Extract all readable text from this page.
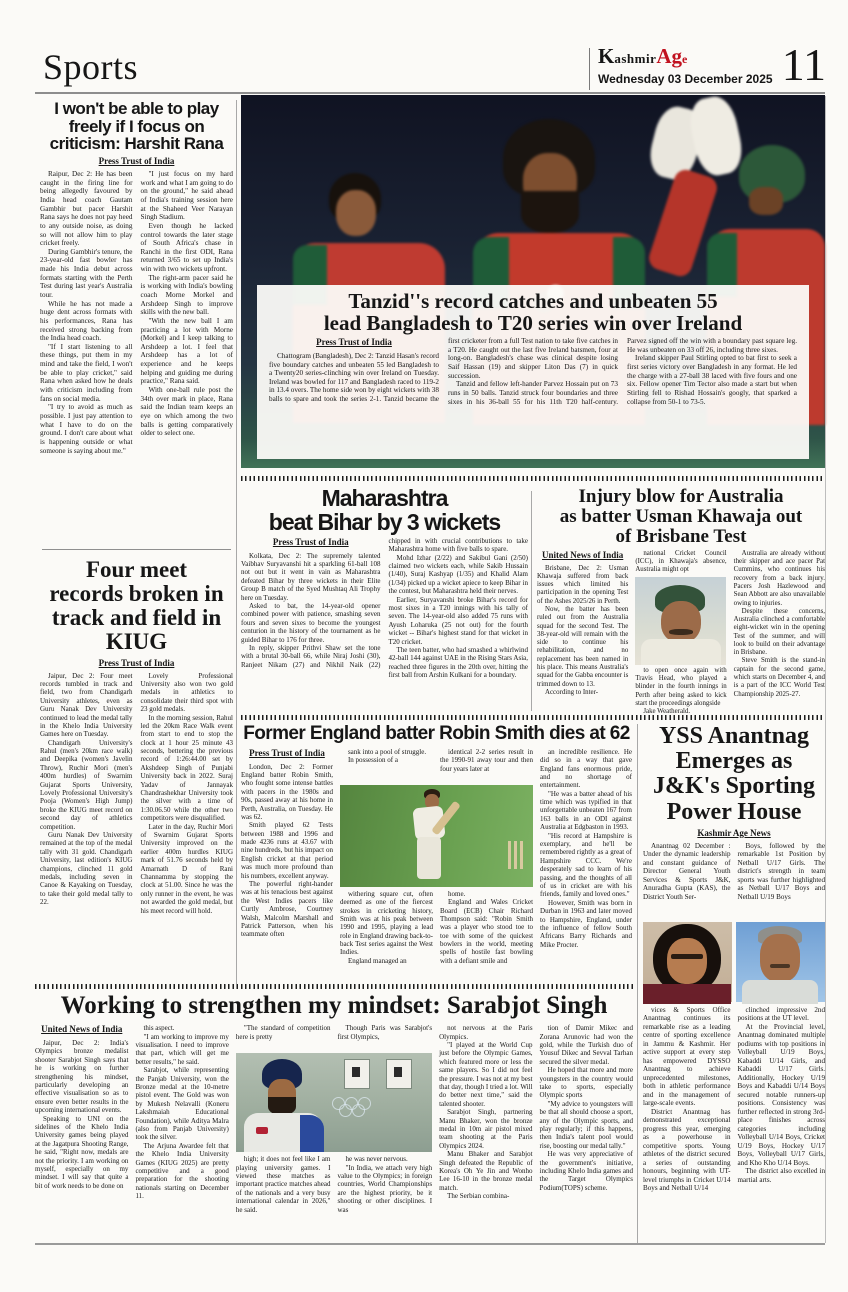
Sports	KashmirAge
Wednesday 03 December 2025 11
I won't be able to play
freely if I focus on
criticism: Harshit Rana
Press Trust of India

Raipur, Dec 2: He has been caught in the firing line for being allegedly favoured by India head coach Gautam Gambhir but pacer Harshit Rana says he does not pay heed to any outside noise, as doing so will not allow him to play cricket freely.

During Gambhir's tenure, the 23-year-old fast bowler has made his India debut across formats starting with the Perth Test during last year's Australia tour.

While he has not made a huge dent across formats with his performances, Rana has received strong backing from the India head coach.

"If I start listening to all these things, put them in my mind and take the field, I won't be able to play cricket," said Rana when asked how he deals with criticism including from fans on social media.

"I try to avoid as much as possible. I just pay attention to what I have to do on the ground. I don't care about what is happening outside or what someone is saying about me."

"I just focus on my hard work and what I am going to do on the ground," he said ahead of India's training session here at the Shaheed Veer Narayan Singh Stadium.

Even though he lacked control towards the later stage of South Africa's chase in Ranchi in the first ODI, Rana returned 3/65 to set up India's win with two wickets upfront.

The right-arm pacer said he is working with India's bowling coach Morne Morkel and Arshdeep Singh to improve skills with the new ball.

"With the new ball I am practicing a lot with Morne (Morkel) and I keep talking to Arshdeep a lot. I feel that Arshdeep has a lot of experience and he keeps helping and guiding me during practice," Rana said.

With one-ball rule post the 34th over mark in place, Rana said the Indian team keeps an eye on which among the two balls is getting comparatively older to select one.

Four meet
records broken in
track and field in
KIUG
Press Trust of India

Jaipur, Dec 2: Four meet records tumbled in track and field, two from Chandigarh University athletes, even as Guru Nanak Dev University continued to lead the medal tally in the Khelo India University Games here on Tuesday.

Chandigarh University's Rahul (men's 20km race walk) and Deepika (women's Javelin Throw), Ruchir Mori (men's 400m hurdles) of Swarnim Gujarat Sports University, Lovely Professional University's Pooja (Women's High Jump) broke the KIUG meet record on second day of athletics competition.

Guru Nanak Dev University remained at the top of the medal tally with 31 gold. Chandigarh University, last edition's KIUG champions, clinched 11 gold medals, including seven in Canoe & Kayaking on Tuesday, to take their gold medal tally to 22.

Lovely Professional University also won two gold medals in athletics to consolidate their third spot with 23 gold medals.

In the morning session, Rahul led the 20km Race Walk event from start to end to stop the clock at 1 hour 25 minute 43 seconds, bettering the previous record of 1:26:44.00 set by Akshdeep Singh of Punjabi University back in 2022. Suraj Yadav of Jannayak Chandrashekhar University took the silver with a time of 1:30.06.50 while the other two competitors were disqualified.

Later in the day, Ruchir Mori of Swarnim Gujarat Sports University improved on the earlier 400m hurdles KIUG mark of 51.76 seconds held by Amarnath D of Rani Channamma by stopping the clock at 51.00. Since he was the only runner in the event, he was not awarded the gold medal, but his meet record will hold.

Tanzid''s record catches and unbeaten 55
lead Bangladesh to T20 series win over Ireland
Press Trust of India

Chattogram (Bangladesh), Dec 2: Tanzid Hasan's record five boundary catches and unbeaten 55 led Bangladesh to a Twenty20 series-clinching win over Ireland on Tuesday. Ireland was bowled for 117 and Bangladesh raced to 119-2 in 13.4 overs. The home side won by eight wickets with 38 balls to spare and took the series 2-1. Tanzid became the first cricketer from a full Test nation to take five catches in a T20. He caught out the last five Ireland batsmen, four at long-on. Bangladesh's chase was clinical despite losing Saif Hassan (19) and skipper Liton Das (7) in quick succession.

Tanzid and fellow left-hander Parvez Hossain put on 73 runs in 50 balls. Tanzid struck four boundaries and three sixes in his 36-ball 55 for his 11th T20 half-century. Parvez signed off the win with a boundary past square leg. He was unbeaten on 33 off 26, including three sixes.

Ireland skipper Paul Stirling opted to bat first to seek a first series victory over Bangladesh in any format. He led the charge with a 27-ball 38 laced with five fours and one six. Fellow opener Tim Tector also made a start but when Stirling fell to Rishad Hossain's googly, that sparked a collapse from 50-1 to 73-5.

Maharashtra
beat Bihar by 3 wickets
Press Trust of India

Kolkata, Dec 2: The supremely talented Vaibhav Suryavanshi hit a sparkling 61-ball 108 not out but it went in vain as Maharashtra defeated Bihar by three wickets in their Elite Group B match of the Syed Mushtaq Ali Trophy here on Tuesday.

Asked to bat, the 14-year-old opener combined power with patience, smashing seven fours and seven sixes to become the youngest centurion in the history of the tournament as he guided Bihar to 176 for three.

In reply, skipper Prithvi Shaw set the tone with a brutal 30-ball 66, while Niraj Joshi (30), Ranjeet Nikam (27) and Nikhil Naik (22) chipped in with crucial contributions to take Maharashtra home with five balls to spare.

Mohd Izhar (2/22) and Sakibul Gani (2/50) claimed two wickets each, while Sakib Hussain (1/40), Suraj Kashyap (1/35) and Khalid Alam (1/34) picked up a wicket apiece to keep Bihar in the contest, but Maharashtra held their nerves.

Earlier, Suryavanshi broke Bihar's record for most sixes in a T20 innings with his tally of seven. The 14-year-old also added 75 runs with Ayush Loharuka (25 not out) for the fourth wicket -- Bihar's highest stand for that wicket in T20 cricket.

The teen batter, who had smashed a whirlwind 42-ball 144 against UAE in the Rising Stars Asia, reached three figures in the 20th over, hitting the first ball from Arshin Kulkani for a boundary.

Injury blow for Australia
as batter Usman Khawaja out
of Brisbane Test
United News of India

Brisbane, Dec 2: Usman Khawaja suffered from back issues which limited his participation in the opening Test of the Ashes 2025/26 in Perth.

Now, the batter has been ruled out from the Australia squad for the second Test. The 38-year-old will remain with the side to continue his rehabilitation, and no replacement has been named in his place. This means Australia's squad for the Gabba encounter is trimmed down to 13.

According to Inter-

national Cricket Council (ICC), in Khawaja's absence, Australia might opt

to open once again with Travis Head, who played a blinder in the fourth innings in Perth after being asked to kick start the proceedings alongside

Jake Weatherald.

Australia are already without their skipper and ace pacer Pat Cummins, who continues his recovery from a back injury. Pacers Josh Hazlewood and Sean Abbott are also unavailable owing to injuries.

Despite these concerns, Australia clinched a comfortable eight-wicket win in the opening Test of the summer, and will look to build on their advantage in Brisbane.

Steve Smith is the stand-in captain for the second game, which starts on December 4, and is a part of the ICC World Test Championship 2025-27.

Former England batter Robin Smith dies at 62
Press Trust of India

London, Dec 2: Former England batter Robin Smith, who fought some intense battles with pacers in the 1980s and 90s, passed away at his home in Perth, Australia, on Tuesday. He was 62.

Smith played 62 Tests between 1988 and 1996 and made 4236 runs at 43.67 with nine hundreds, but his impact on English cricket at that period was much more profound than his numbers, excellent anyway.

The powerful right-hander was at his tenacious best against the West Indies pacers like Curtly Ambrose, Courtney Walsh, Malcolm Marshall and Patrick Patterson, when his teammate often

sank into a pool of struggle.

In possession of a

identical 2-2 series result in the 1990-91 away tour and then four years later at

withering square cut, often deemed as one of the fiercest strokes in cricketing history, Smith was at his peak between 1990 and 1995, playing a lead role in England drawing back-to-back Test series against the West Indies.

England managed an

home.

England and Wales Cricket Board (ECB) Chair Richard Thompson said: "Robin Smith was a player who stood toe to toe with some of the quickest bowlers in the world, meeting spells of hostile fast bowling with a defiant smile and

an incredible resilience. He did so in a way that gave England fans enormous pride, and no shortage of entertainment.

"He was a batter ahead of his time which was typified in that unforgettable unbeaten 167 from 163 balls in an ODI against Australia at Edgbaston in 1993.

"His record at Hampshire is exemplary, and he'll be remembered rightly as a great of Hampshire CCC. We're desperately sad to learn of his passing, and the thoughts of all of us in cricket are with his friends, family and loved ones."

However, Smith was born in Durban in 1963 and later moved to Hampshire, England, under the influence of fellow South Africans Barry Richards and Mike Procter.

YSS Anantnag
Emerges as
J&K's Sporting
Power House
Kashmir Age News

Anantnag 02 December : Under the dynamic leadership and constant guidance of Director General Youth Services & Sports J&K, Anuradha Gupta (KAS), the District Youth Ser-

Boys, followed by the remarkable 1st Position by Netball U/17 Girls. The district's strength in team sports was further highlighted as Netball U/17 Boys and Netball U/19 Boys

vices & Sports Office Anantnag continues its remarkable rise as a leading centre of sporting excellence in Jammu & Kashmir. Her active support at every step has empowered DYSSO Anantnag to achieve unprecedented milestones, both in athletic performance and in the management of large-scale events.

District Anantnag has demonstrated exceptional progress this year, emerging as a powerhouse in competitive sports. Young athletes of the district secured a series of outstanding honours, beginning with UT-level triumphs in Cricket U/14 Boys and Netball U/14

clinched impressive 2nd positions at the UT level.

At the Provincial level, Anantnag dominated multiple podiums with top positions in Volleyball U/19 Boys, Kabaddi U/14 Girls, and Kabaddi U/17 Girls. Additionally, Hockey U/19 Boys and Kabaddi U/14 Boys secured notable runners-up positions. Consistency was further reflected in strong 3rd-place finishes across categories including Volleyball U/14 Boys, Cricket U/19 Boys, Hockey U/17 Boys, Volleyball U/17 Girls, and Kho Kho U/14 Boys.

The district also excelled in martial arts.

Working to strengthen my mindset: Sarabjot Singh
United News of India

Jaipur, Dec 2: India's Olympics bronze medalist shooter Sarabjot Singh says that he is working on further strengthening his mindset, particularly developing an effective visualisation so as to ensure even better results in the upcoming international events.

Speaking to UNI on the sidelines of the Khelo India University games being played at the Jagatpura Shooting Range, he said, "Right now, medals are not the priority. I am working on myself, especially on my mindset. I will say that quite a bit of work needs to be done on

this aspect.

"I am working to improve my visualisation. I need to improve that part, which will get me better results," he said.

Sarabjot, while representing the Panjab University, won the Bronze medal at the 10-metre pistol event. The Gold was won by Mukesh Nelavalli (Koneru Lakshmaiah Educational Foundation), while Aditya Malra (also from Panjab University) took the silver.

The Arjuna Awardee felt that the Khelo India University Games (KIUG 2025) are pretty competitive and a good preparation for the shooting nationals starting on December 11.

"The standard of competition here is pretty

Though Paris was Sarabjot's first Olympics,

high; it does not feel like I am playing university games. I viewed these matches as important practice matches ahead of the nationals and a very busy international calendar in 2026," he said.

he was never nervous.

"In India, we attach very high value to the Olympics; in foreign countries, World Championships are the highest priority, be it shooting or other disciplines. I was

not nervous at the Paris Olympics.

"I played at the World Cup just before the Olympic Games, which featured more or less the same players. So I did not feel the pressure. I was not at my best that day, though I tried a lot. Will do better next time," said the talented shooter.

Sarabjot Singh, partnering Manu Bhaker, won the bronze medal in 10m air pistol mixed team shooting at the Paris Olympics 2024.

Manu Bhaker and Sarabjot Singh defeated the Republic of Korea's Oh Ye Jin and Wonho Lee 16-10 in the bronze medal match.

The Serbian combina-

tion of Damir Mikec and Zorana Arunovic had won the gold, while the Turkish duo of Yousuf Dikec and Sevval Tarhan secured the silver medal.

He hoped that more and more youngsters in the country would take to sports, especially Olympic sports

"My advice to youngsters will be that all should choose a sport, any of the Olympic sports, and play regularly; if this happens, then India's talent pool would rise, boosting our medal tally."

He was very appreciative of the government's initiative, including Khelo India games and the Target Olympics Podium(TOPS) scheme.
